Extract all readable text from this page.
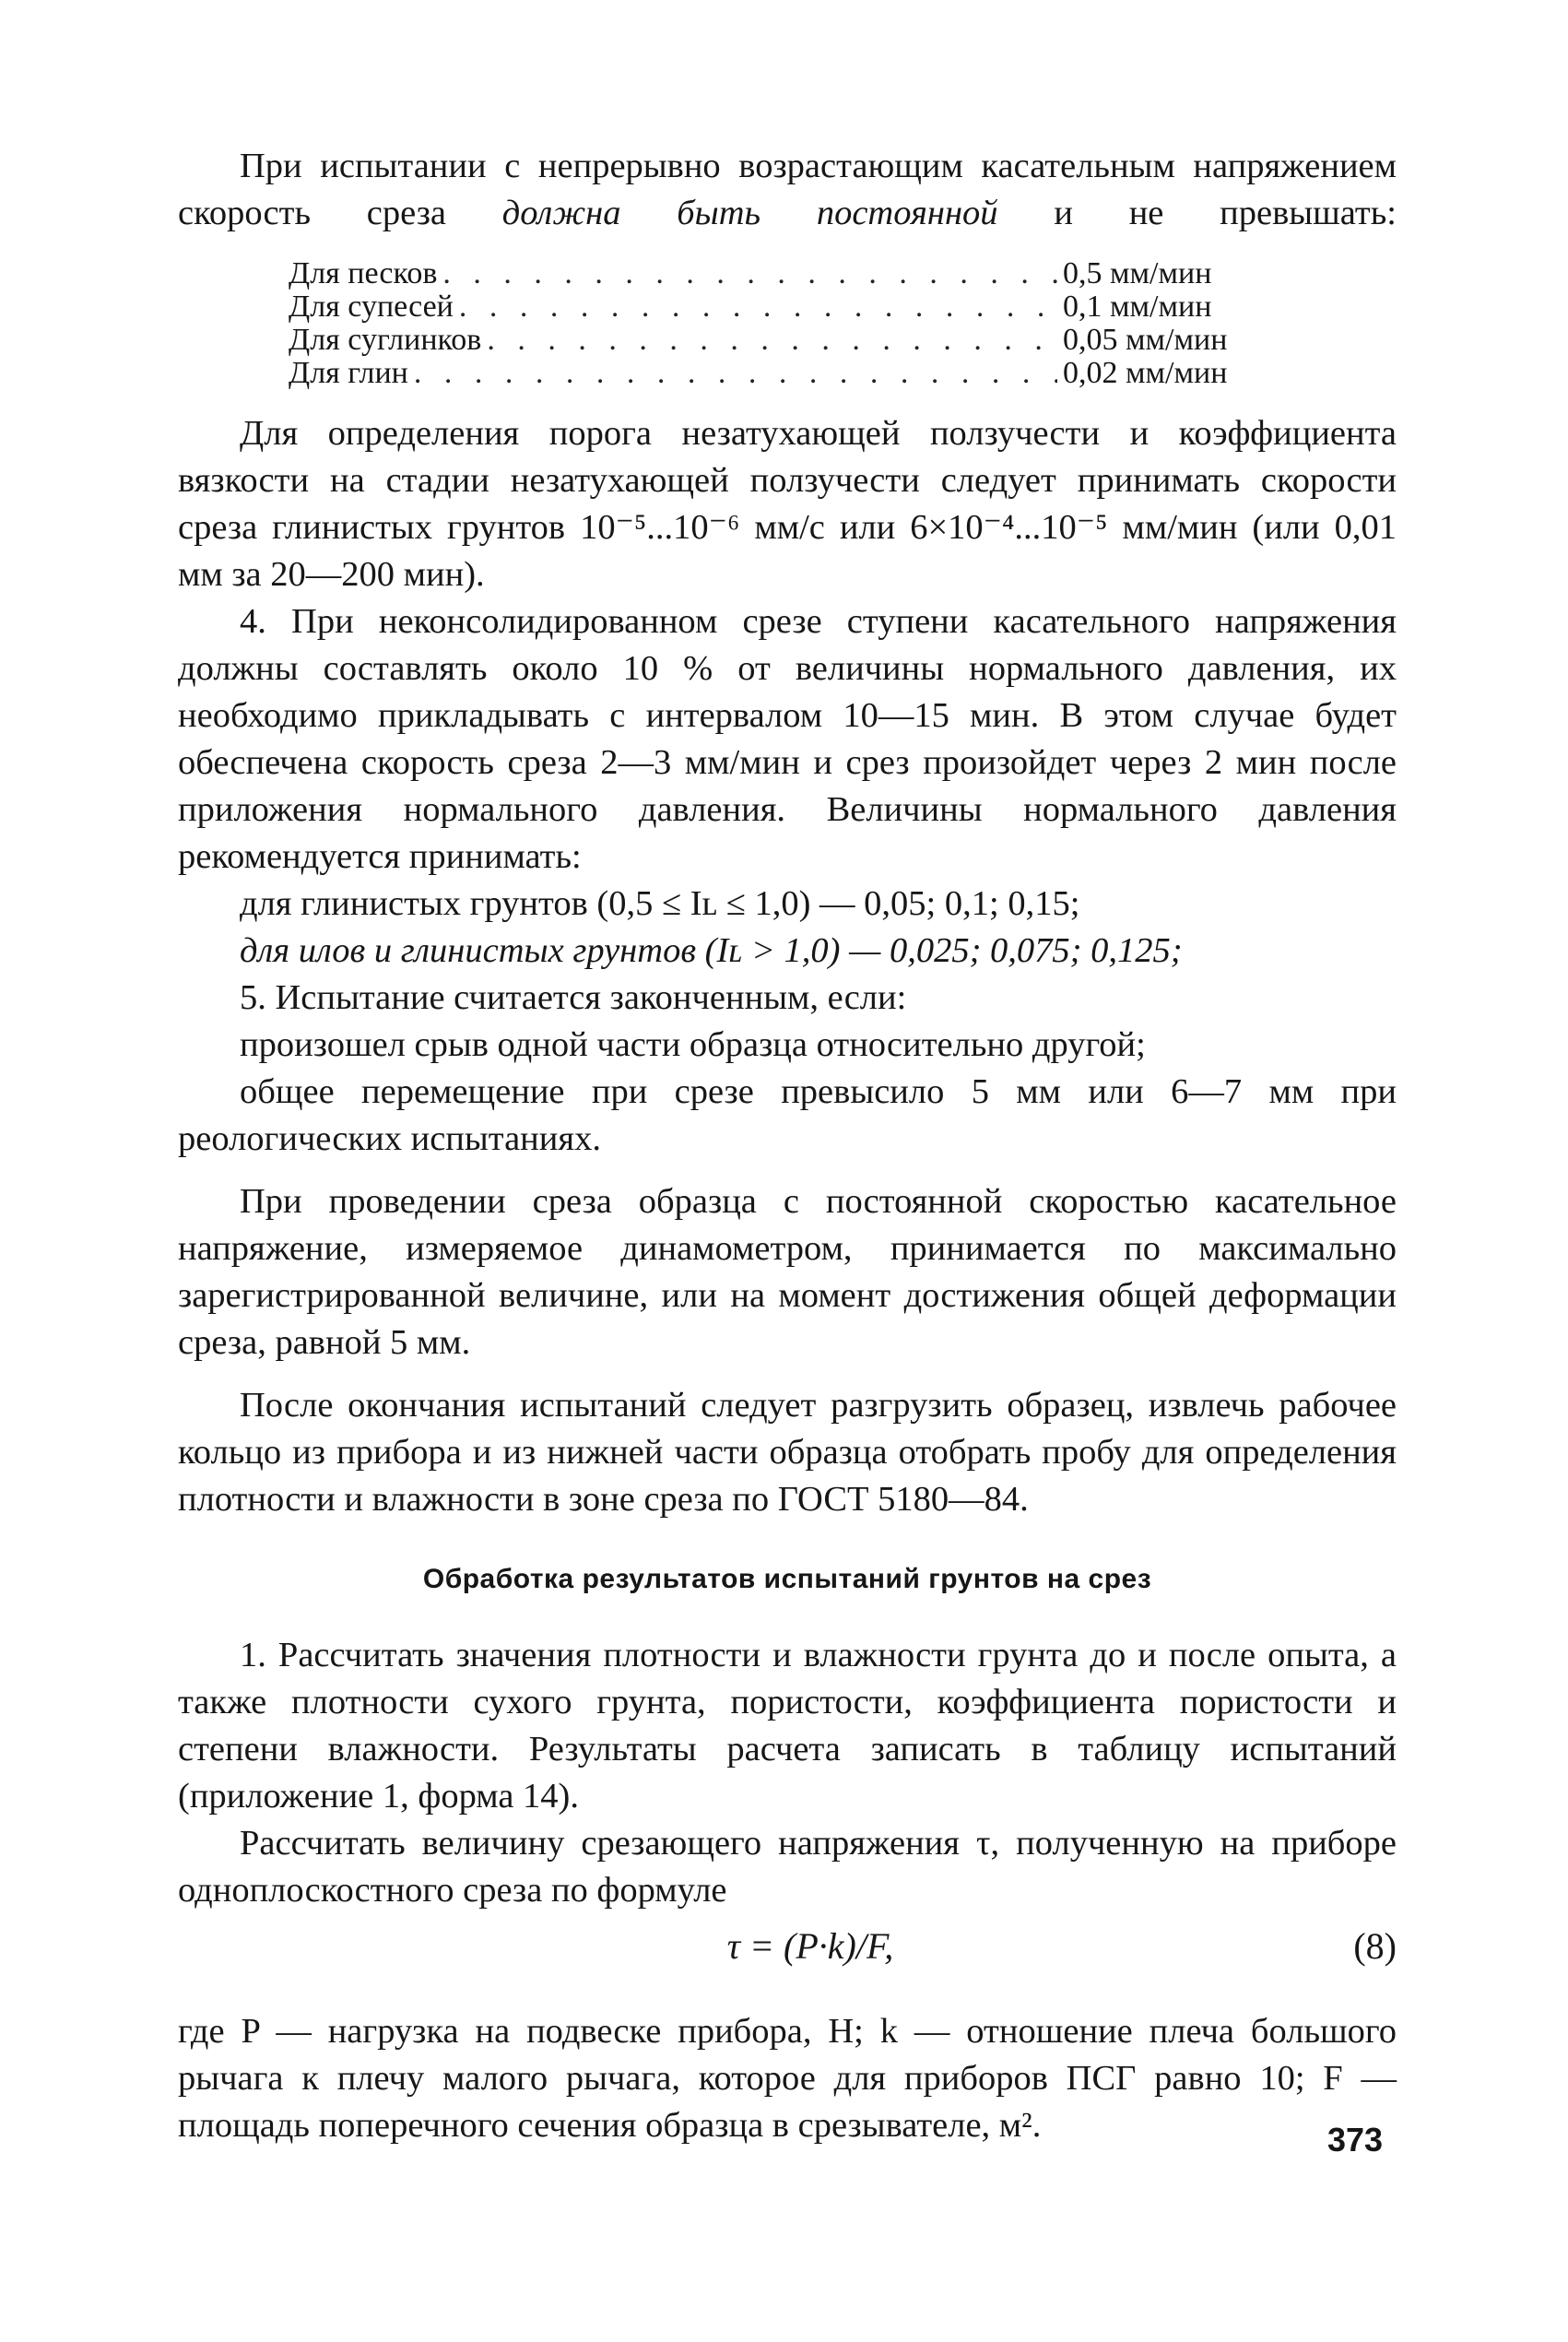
При испытании с непрерывно возрастающим касательным напряжением скорость среза должна быть постоянной и не превышать:

Для песков . . .	0,5 мм/мин
Для супесей . . .	0,1 мм/мин
Для суглинков . . .	0,05 мм/мин
Для глин . . .	0,02 мм/мин

Для определения порога незатухающей ползучести и коэффициента вязкости на стадии незатухающей ползучести следует принимать скорости среза глинистых грунтов 10⁻⁵...10⁻⁶ мм/с или 6×10⁻⁴...10⁻⁵ мм/мин (или 0,01 мм за 20—200 мин).

4. При неконсолидированном срезе ступени касательного напряжения должны составлять около 10 % от величины нормального давления, их необходимо прикладывать с интервалом 10—15 мин. В этом случае будет обеспечена скорость среза 2—3 мм/мин и срез произойдет через 2 мин после приложения нормального давления. Величины нормального давления рекомендуется принимать:

для глинистых грунтов (0,5 ≤ Iʟ ≤ 1,0) — 0,05; 0,1; 0,15;

для илов и глинистых грунтов (Iʟ > 1,0) — 0,025; 0,075; 0,125;

5. Испытание считается законченным, если:

произошел срыв одной части образца относительно другой;

общее перемещение при срезе превысило 5 мм или 6—7 мм при реологических испытаниях.

При проведении среза образца с постоянной скоростью касательное напряжение, измеряемое динамометром, принимается по максимально зарегистрированной величине, или на момент достижения общей деформации среза, равной 5 мм.

После окончания испытаний следует разгрузить образец, извлечь рабочее кольцо из прибора и из нижней части образца отобрать пробу для определения плотности и влажности в зоне среза по ГОСТ 5180—84.

Обработка результатов испытаний грунтов на срез

1. Рассчитать значения плотности и влажности грунта до и после опыта, а также плотности сухого грунта, пористости, коэффициента пористости и степени влажности. Результаты расчета записать в таблицу испытаний (приложение 1, форма 14).

Рассчитать величину срезающего напряжения τ, полученную на приборе одноплоскостного среза по формуле

τ = (P·k)/F,	(8)

где P — нагрузка на подвеске прибора, Н; k — отношение плеча большого рычага к плечу малого рычага, которое для приборов ПСГ равно 10; F — площадь поперечного сечения образца в срезывателе, м².	373
